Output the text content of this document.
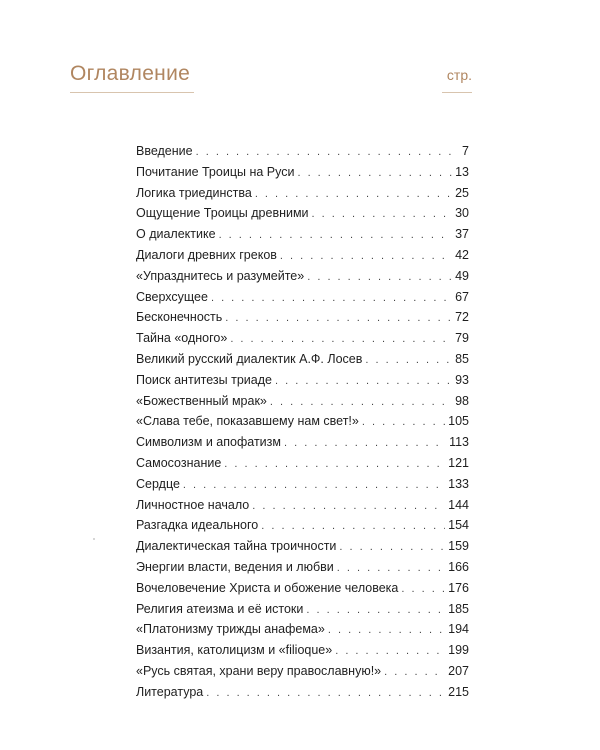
Оглавление	стр.
Введение . . .	7
Почитание Троицы на Руси . . .	13
Логика триединства . . .	25
Ощущение Троицы древними . . .	30
О диалектике . . .	37
Диалоги древних греков . . .	42
«Упразднитесь и разумейте» . . .	49
Сверхсущее . . .	67
Бесконечность . . .	72
Тайна «одного» . . .	79
Великий русский диалектик А.Ф. Лосев . . .	85
Поиск антитезы триаде . . .	93
«Божественный мрак» . . .	98
«Слава тебе, показавшему нам свет!» . . .	105
Символизм и апофатизм . . .	113
Самосознание . . .	121
Сердце . . .	133
Личностное начало . . .	144
Разгадка идеального . . .	154
Диалектическая тайна троичности . . .	159
Энергии власти, ведения и любви . . .	166
Вочеловечение Христа и обожение человека . . .	176
Религия атеизма и её истоки . . .	185
«Платонизму трижды анафема» . . .	194
Византия, католицизм и «filioque» . . .	199
«Русь святая, храни веру православную!» . . .	207
Литература . . .	215
